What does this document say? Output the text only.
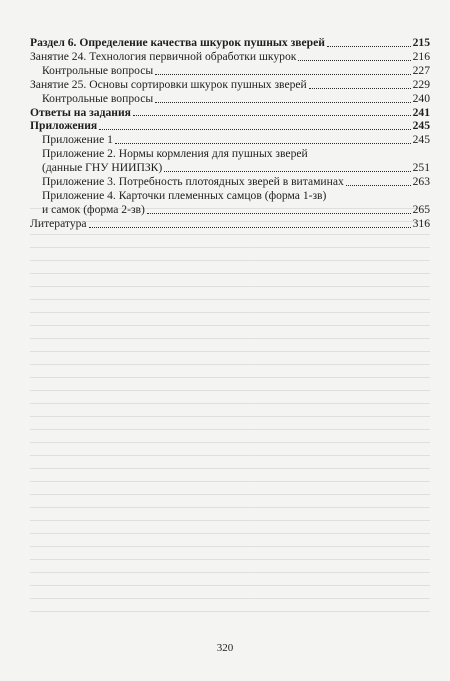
Раздел 6. Определение качества шкурок пушных зверей	215
Занятие 24. Технология первичной обработки шкурок	216
Контрольные вопросы	227
Занятие 25. Основы сортировки шкурок пушных зверей	229
Контрольные вопросы	240
Ответы на задания	241
Приложения	245
Приложение 1	245
Приложение 2. Нормы кормления для пушных зверей
(данные ГНУ НИИПЗК)	251
Приложение 3. Потребность плотоядных зверей в витаминах	263
Приложение 4. Карточки племенных самцов (форма 1-зв)
и самок (форма 2-зв)	265
Литература	316
320
